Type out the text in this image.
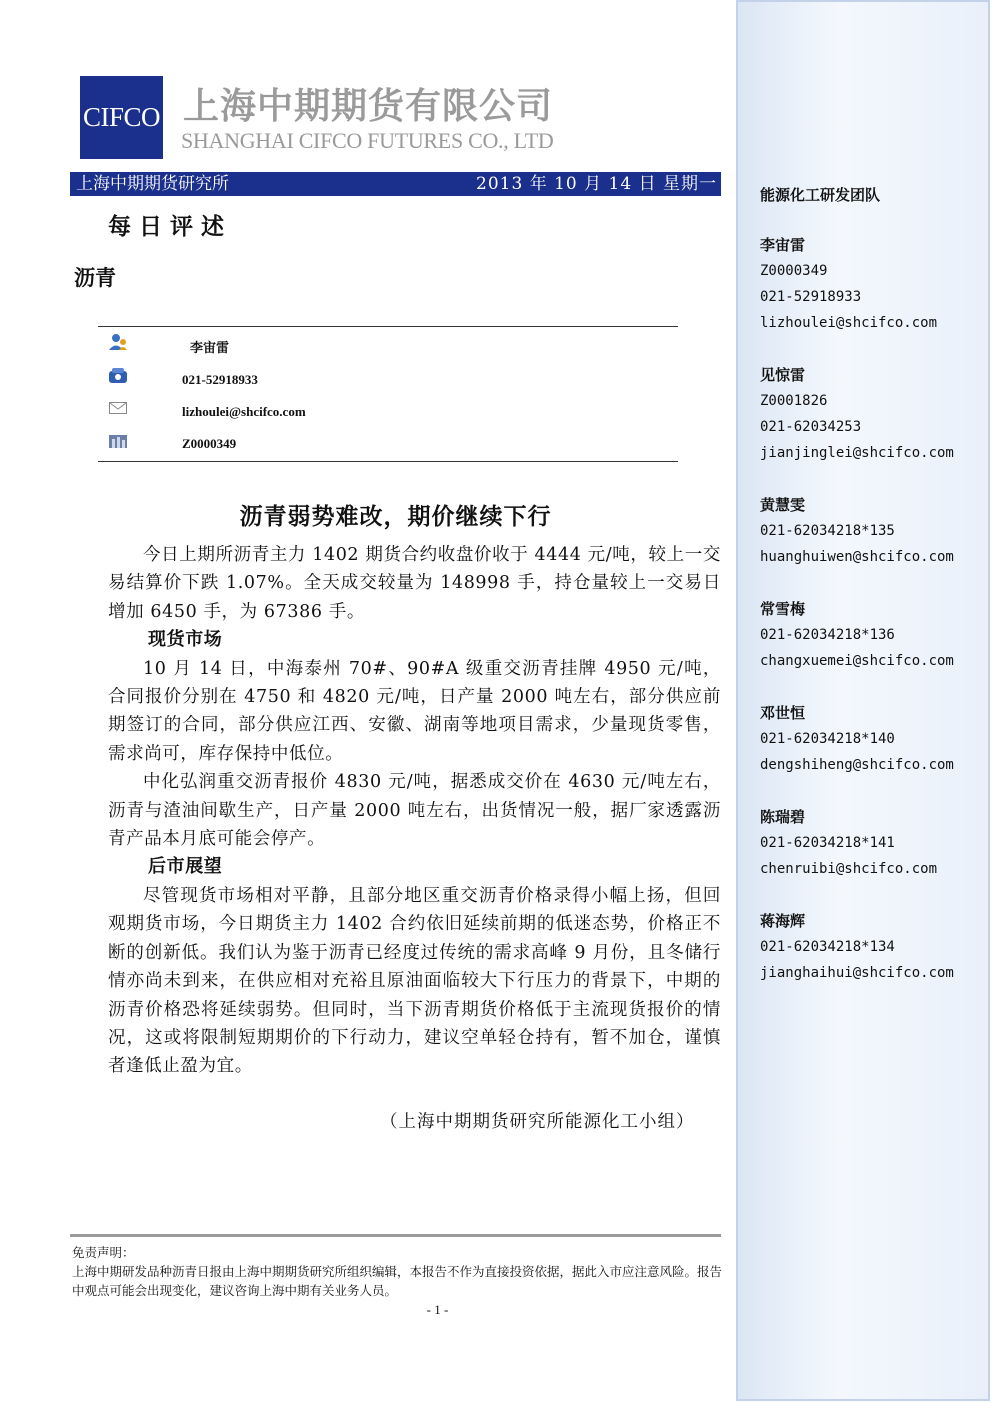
CIFCO 上海中期期货有限公司
SHANGHAI CIFCO FUTURES CO., LTD
上海中期期货研究所	2013 年 10 月 14 日 星期一
每日评述
沥青
李宙雷
021-52918933
lizhoulei@shcifco.com
Z0000349
沥青弱势难改，期价继续下行

今日上期所沥青主力 1402 期货合约收盘价收于 4444 元/吨，较上一交易结算价下跌 1.07%。全天成交较量为 148998 手，持仓量较上一交易日增加 6450 手，为 67386 手。

现货市场

10 月 14 日，中海泰州 70#、90#A 级重交沥青挂牌 4950 元/吨，合同报价分别在 4750 和 4820 元/吨，日产量 2000 吨左右，部分供应前期签订的合同，部分供应江西、安徽、湖南等地项目需求，少量现货零售，需求尚可，库存保持中低位。

中化弘润重交沥青报价 4830 元/吨，据悉成交价在 4630 元/吨左右，沥青与渣油间歇生产，日产量 2000 吨左右，出货情况一般，据厂家透露沥青产品本月底可能会停产。

后市展望

尽管现货市场相对平静，且部分地区重交沥青价格录得小幅上扬，但回观期货市场，今日期货主力 1402 合约依旧延续前期的低迷态势，价格正不断的创新低。我们认为鉴于沥青已经度过传统的需求高峰 9 月份，且冬储行情亦尚未到来，在供应相对充裕且原油面临较大下行压力的背景下，中期的沥青价格恐将延续弱势。但同时，当下沥青期货价格低于主流现货报价的情况，这或将限制短期期价的下行动力，建议空单轻仓持有，暂不加仓，谨慎者逢低止盈为宜。

（上海中期期货研究所能源化工小组）

免责声明：

上海中期研发品种沥青日报由上海中期期货研究所组织编辑，本报告不作为直接投资依据，据此入市应注意风险。报告中观点可能会出现变化，建议咨询上海中期有关业务人员。

- 1 -
能源化工研发团队
李宙雷
Z0000349
021-52918933
lizhoulei@shcifco.com
见惊雷
Z0001826
021-62034253
jianjinglei@shcifco.com
黄慧雯
021-62034218*135
huanghuiwen@shcifco.com
常雪梅
021-62034218*136
changxuemei@shcifco.com
邓世恒
021-62034218*140
dengshiheng@shcifco.com
陈瑞碧
021-62034218*141
chenruibi@shcifco.com
蒋海辉
021-62034218*134
jianghaihui@shcifco.com
